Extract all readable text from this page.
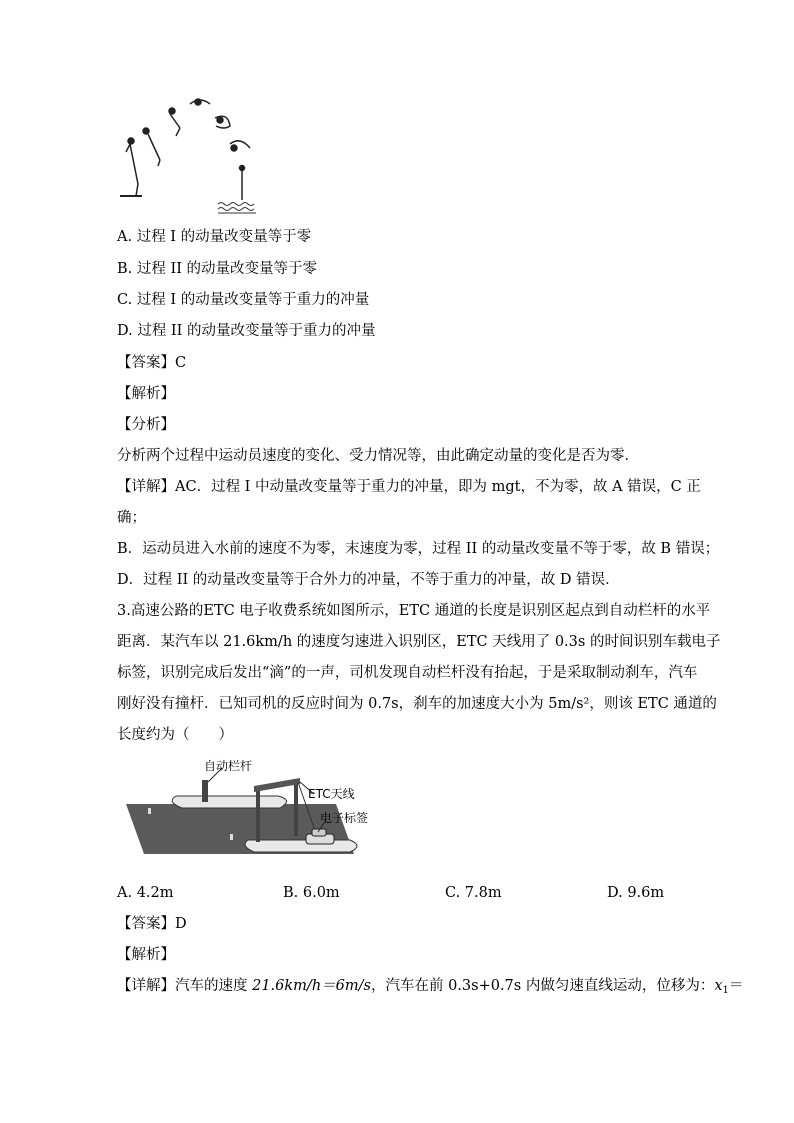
A. 过程 I 的动量改变量等于零
B. 过程 II 的动量改变量等于零
C. 过程 I 的动量改变量等于重力的冲量
D. 过程 II 的动量改变量等于重力的冲量
【答案】C
【解析】
【分析】
分析两个过程中运动员速度的变化、受力情况等，由此确定动量的变化是否为零．
【详解】AC．过程 I 中动量改变量等于重力的冲量，即为 mgt，不为零，故 A 错误，C 正
确；
B．运动员进入水前的速度不为零，末速度为零，过程 II 的动量改变量不等于零，故 B 错误；
D．过程 II 的动量改变量等于合外力的冲量，不等于重力的冲量，故 D 错误．
3.高速公路的ETC 电子收费系统如图所示，ETC 通道的长度是识别区起点到自动栏杆的水平
距离．某汽车以 21.6km/h 的速度匀速进入识别区，ETC 天线用了 0.3s 的时间识别车载电子
标签，识别完成后发出“滴”的一声，司机发现自动栏杆没有抬起，于是采取制动刹车，汽车
刚好没有撞杆．已知司机的反应时间为 0.7s，刹车的加速度大小为 5m/s²，则该 ETC 通道的
长度约为（　　）
自动栏杆
ETC天线
电子标签
A. 4.2m	B. 6.0m	C. 7.8m	D. 9.6m
【答案】D
【解析】
【详解】汽车的速度 21.6km/h＝6m/s，汽车在前 0.3s+0.7s 内做匀速直线运动，位移为：$x_1=$
